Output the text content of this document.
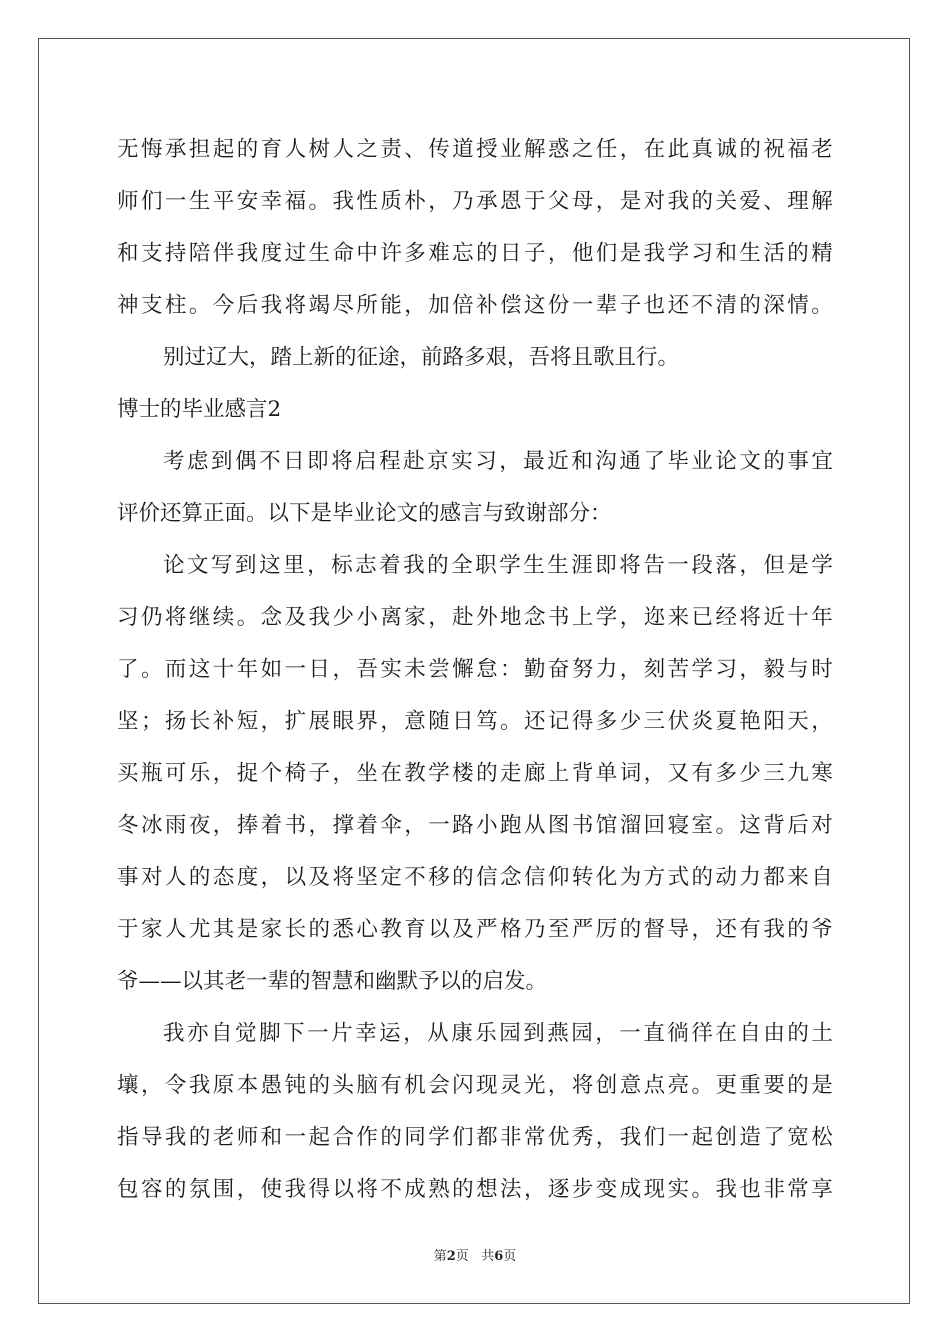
无 悔 承 担 起 的 育 人 树 人 之 责 、 传 道 授 业 解 惑 之 任 ， 在 此 真 诚 的 祝 福 老
师 们 一 生 平 安 幸 福 。 我 性 质 朴 ， 乃 承 恩 于 父 母 ， 是 对 我 的 关 爱 、 理 解
和 支 持 陪 伴 我 度 过 生 命 中 许 多 难 忘 的 日 子 ， 他 们 是 我 学 习 和 生 活 的 精
神 支 柱 。 今 后 我 将 竭 尽 所 能 ， 加 倍 补 偿 这 份 一 辈 子 也 还 不 清 的 深 情 。
别过辽大，踏上新的征途，前路多艰，吾将且歌且行。
博士的毕业感言2
考 虑 到 偶 不 日 即 将 启 程 赴 京 实 习 ， 最 近 和 沟 通 了 毕 业 论 文 的 事 宜
评价还算正面。以下是毕业论文的感言与致谢部分：
论 文 写 到 这 里 ， 标 志 着 我 的 全 职 学 生 生 涯 即 将 告 一 段 落 ， 但 是 学
习 仍 将 继 续 。 念 及 我 少 小 离 家 ， 赴 外 地 念 书 上 学 ， 迩 来 已 经 将 近 十 年
了 。 而 这 十 年 如 一 日 ， 吾 实 未 尝 懈 怠 ： 勤 奋 努 力 ， 刻 苦 学 习 ， 毅 与 时
坚 ； 扬 长 补 短 ， 扩 展 眼 界 ， 意 随 日 笃 。 还 记 得 多 少 三 伏 炎 夏 艳 阳 天 ，
买 瓶 可 乐 ， 捉 个 椅 子 ， 坐 在 教 学 楼 的 走 廊 上 背 单 词 ， 又 有 多 少 三 九 寒
冬 冰 雨 夜 ， 捧 着 书 ， 撑 着 伞 ， 一 路 小 跑 从 图 书 馆 溜 回 寝 室 。 这 背 后 对
事 对 人 的 态 度 ， 以 及 将 坚 定 不 移 的 信 念 信 仰 转 化 为 方 式 的 动 力 都 来 自
于 家 人 尤 其 是 家 长 的 悉 心 教 育 以 及 严 格 乃 至 严 厉 的 督 导 ， 还 有 我 的 爷
爷——以其老一辈的智慧和幽默予以的启发。
我 亦 自 觉 脚 下 一 片 幸 运 ， 从 康 乐 园 到 燕 园 ， 一 直 徜 徉 在 自 由 的 土
壤 ， 令 我 原 本 愚 钝 的 头 脑 有 机 会 闪 现 灵 光 ， 将 创 意 点 亮 。 更 重 要 的 是
指 导 我 的 老 师 和 一 起 合 作 的 同 学 们 都 非 常 优 秀 ， 我 们 一 起 创 造 了 宽 松
包 容 的 氛 围 ， 使 我 得 以 将 不 成 熟 的 想 法 ， 逐 步 变 成 现 实 。 我 也 非 常 享
第2页 共6页
